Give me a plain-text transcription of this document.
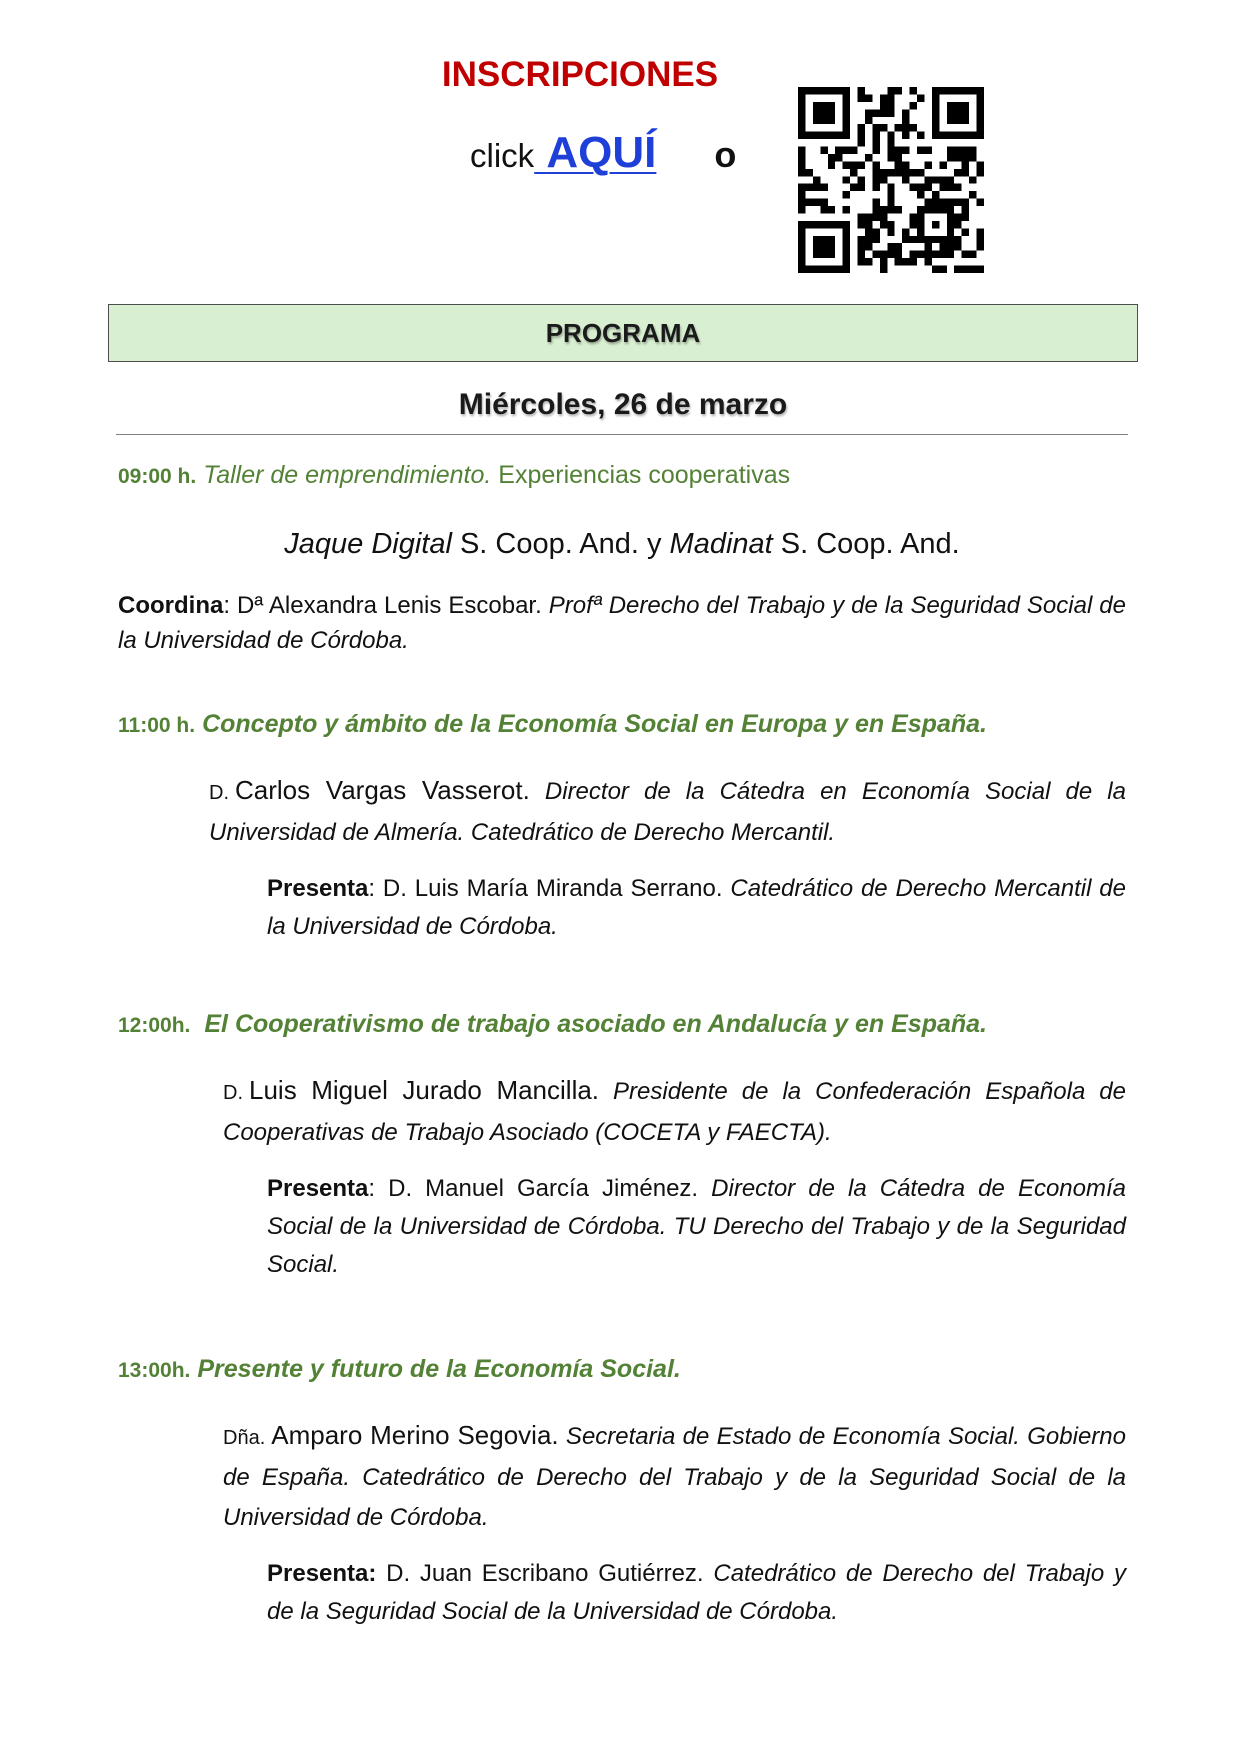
INSCRIPCIONES
click AQUÍ o
PROGRAMA
Miércoles, 26 de marzo
09:00 h. Taller de emprendimiento. Experiencias cooperativas
Jaque Digital S. Coop. And. y Madinat S. Coop. And.

Coordina: Dª Alexandra Lenis Escobar. Profª Derecho del Trabajo y de la Seguridad Social de la Universidad de Córdoba.

11:00 h. Concepto y ámbito de la Economía Social en Europa y en España.

D. Carlos Vargas Vasserot. Director de la Cátedra en Economía Social de la Universidad de Almería. Catedrático de Derecho Mercantil.

Presenta: D. Luis María Miranda Serrano. Catedrático de Derecho Mercantil de la Universidad de Córdoba.

12:00h. El Cooperativismo de trabajo asociado en Andalucía y en España.

D. Luis Miguel Jurado Mancilla. Presidente de la Confederación Española de Cooperativas de Trabajo Asociado (COCETA y FAECTA).

Presenta: D. Manuel García Jiménez. Director de la Cátedra de Economía Social de la Universidad de Córdoba. TU Derecho del Trabajo y de la Seguridad Social.

13:00h. Presente y futuro de la Economía Social.

Dña. Amparo Merino Segovia. Secretaria de Estado de Economía Social. Gobierno de España. Catedrático de Derecho del Trabajo y de la Seguridad Social de la Universidad de Córdoba.

Presenta: D. Juan Escribano Gutiérrez. Catedrático de Derecho del Trabajo y de la Seguridad Social de la Universidad de Córdoba.
